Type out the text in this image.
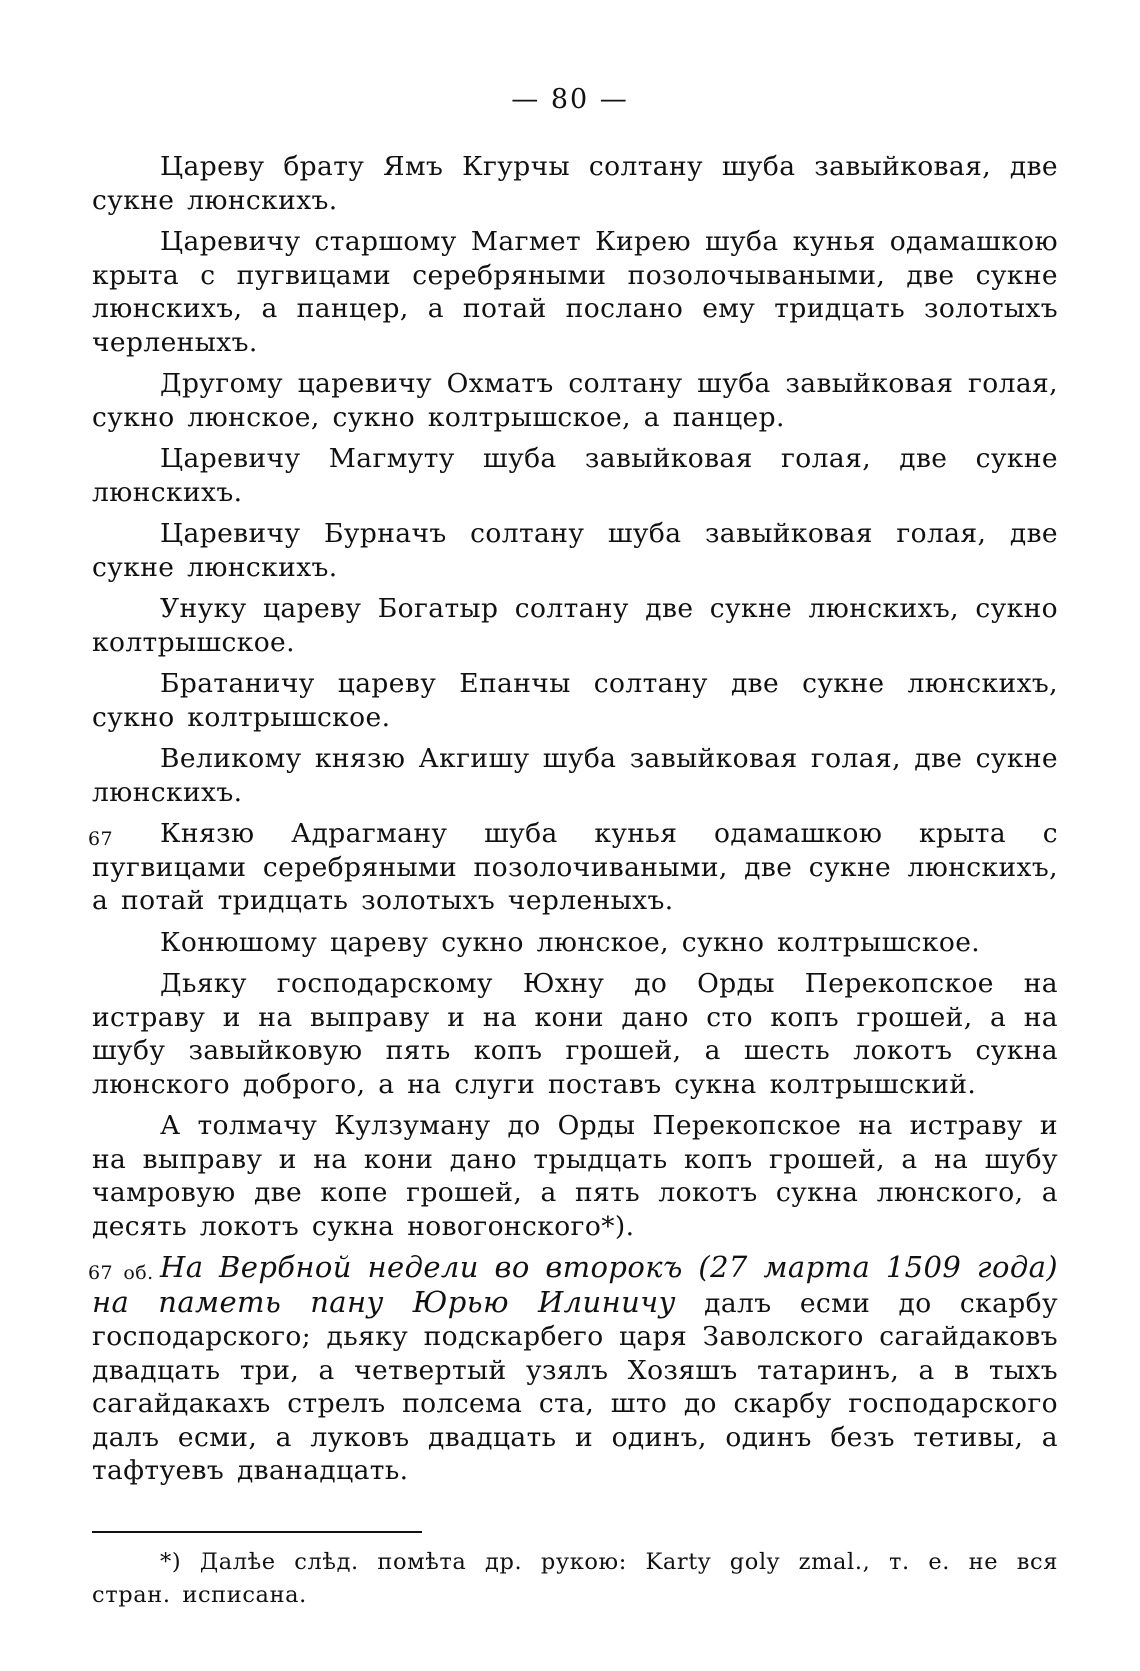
— 80 —

Цареву брату Ямъ Кгурчы солтану шуба завыйковая, две сукне люнскихъ.

Царевичу старшому Магмет Кирею шуба кунья одамашкою крыта с пугвицами серебряными позолочываными, две сукне люнскихъ, а панцер, а потай послано ему тридцать золотыхъ черленыхъ.

Другому царевичу Охматъ солтану шуба завыйковая голая, сукно люнское, сукно колтрышское, а панцер.

Царевичу Магмуту шуба завыйковая голая, две сукне люнскихъ.

Царевичу Бурначъ солтану шуба завыйковая голая, две сукне люнскихъ.

Унуку цареву Богатыр солтану две сукне люнскихъ, сукно колтрышское.

Братаничу цареву Епанчы солтану две сукне люнскихъ, сукно колтрышское.

Великому князю Акгишу шуба завыйковая голая, две сукне люнскихъ.

67 Князю Адрагману шуба кунья одамашкою крыта с пугвицами серебряными позолочиваными, две сукне люнскихъ, а потай тридцать золотыхъ черленыхъ.

Конюшому цареву сукно люнское, сукно колтрышское.

Дьяку господарскому Юхну до Орды Перекопское на истраву и на выправу и на кони дано сто копъ грошей, а на шубу завыйковую пять копъ грошей, а шесть локотъ сукна люнского доброго, а на слуги поставъ сукна колтрышский.

А толмачу Кулзуману до Орды Перекопское на истраву и на выправу и на кони дано трыдцать копъ грошей, а на шубу чамровую две копе грошей, а пять локотъ сукна люнского, а десять локотъ сукна новогонского*).

67 об. На Вербной недели во второкъ (27 марта 1509 года) на паметь пану Юрью Илиничу далъ есми до скарбу господарского; дьяку подскарбего царя Заволского сагайдаковъ двадцать три, а четвертый узялъ Хозяшъ татаринъ, а в тыхъ сагайдакахъ стрелъ полсема ста, што до скарбу господарского далъ есми, а луковъ двадцать и одинъ, одинъ безъ тетивы, а тафтуевъ дванадцать.

*) Далѣе слѣд. помѣта др. рукою: Karty goly zmal., т. е. не вся стран. исписана.
